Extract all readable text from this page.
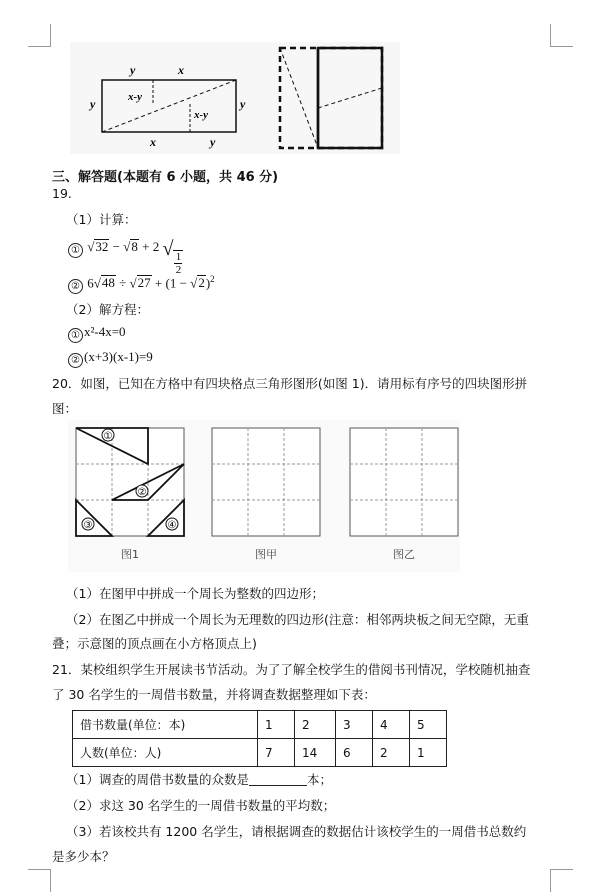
y	x
y	y
x-y
x-y
x	y
三、解答题(本题有 6 小题，共 46 分)
19.
（1）计算：
① √32 − √8 + 2 √
$\frac{1}{2}$
② $6√48 \div √27 + (1 - √2)^2$
（2）解方程：
① x²-4x=0
② (x+3)(x-1)=9
20．如图，已知在方格中有四块格点三角形图形(如图 1)．请用标有序号的四块图形拼
图：
①
②
③	④
图1	图甲	图乙
（1）在图甲中拼成一个周长为整数的四边形；
（2）在图乙中拼成一个周长为无理数的四边形(注意：相邻两块板之间无空隙，无重
叠；示意图的顶点画在小方格顶点上)
21．某校组织学生开展读书节活动。为了了解全校学生的借阅书刊情况，学校随机抽查
了 30 名学生的一周借书数量，并将调查数据整理如下表：
借书数量(单位：本)	1	2	3	4	5
人数(单位：人)	7	14	6	2	1
（1）调查的周借书数量的众数是	本；
（2）求这 30 名学生的一周借书数量的平均数；
（3）若该校共有 1200 名学生，请根据调查的数据估计该校学生的一周借书总数约
是多少本？
